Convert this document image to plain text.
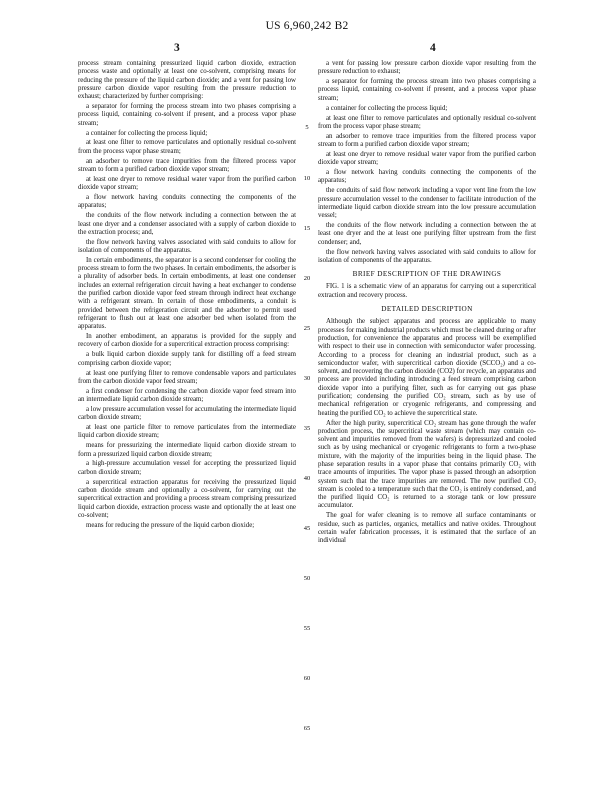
US 6,960,242 B2
3	4

process stream containing pressurized liquid carbon dioxide, extraction process waste and optionally at least one co-solvent, comprising means for reducing the pressure of the liquid carbon dioxide; and a vent for passing low pressure carbon dioxide vapor resulting from the pressure reduction to exhaust; characterized by further comprising:

a separator for forming the process stream into two phases comprising a process liquid, containing co-solvent if present, and a process vapor phase stream;

a container for collecting the process liquid;

at least one filter to remove particulates and optionally residual co-solvent from the process vapor phase stream;

an adsorber to remove trace impurities from the filtered process vapor stream to form a purified carbon dioxide vapor stream;

at least one dryer to remove residual water vapor from the purified carbon dioxide vapor stream;

a flow network having conduits connecting the components of the apparatus;

the conduits of the flow network including a connection between the at least one dryer and a condenser associated with a supply of carbon dioxide to the extraction process; and,

the flow network having valves associated with said conduits to allow for isolation of components of the apparatus.

In certain embodiments, the separator is a second condenser for cooling the process stream to form the two phases. In certain embodiments, the adsorber is a plurality of adsorber beds. In certain embodiments, at least one condenser includes an external refrigeration circuit having a heat exchanger to condense the purified carbon dioxide vapor feed stream through indirect heat exchange with a refrigerant stream. In certain of those embodiments, a conduit is provided between the refrigeration circuit and the adsorber to permit used refrigerant to flush out at least one adsorber bed when isolated from the apparatus.

In another embodiment, an apparatus is provided for the supply and recovery of carbon dioxide for a supercritical extraction process comprising:

a bulk liquid carbon dioxide supply tank for distilling off a feed stream comprising carbon dioxide vapor;

at least one purifying filter to remove condensable vapors and particulates from the carbon dioxide vapor feed stream;

a first condenser for condensing the carbon dioxide vapor feed stream into an intermediate liquid carbon dioxide stream;

a low pressure accumulation vessel for accumulating the intermediate liquid carbon dioxide stream;

at least one particle filter to remove particulates from the intermediate liquid carbon dioxide stream;

means for pressurizing the intermediate liquid carbon dioxide stream to form a pressurized liquid carbon dioxide stream;

a high-pressure accumulation vessel for accepting the pressurized liquid carbon dioxide stream;

a supercritical extraction apparatus for receiving the pressurized liquid carbon dioxide stream and optionally a co-solvent, for carrying out the supercritical extraction and providing a process stream comprising pressurized liquid carbon dioxide, extraction process waste and optionally the at least one co-solvent;

means for reducing the pressure of the liquid carbon dioxide;

a vent for passing low pressure carbon dioxide vapor resulting from the pressure reduction to exhaust;

a separator for forming the process stream into two phases comprising a process liquid, containing co-solvent if present, and a process vapor phase stream;

a container for collecting the process liquid;

at least one filter to remove particulates and optionally residual co-solvent from the process vapor phase stream;

an adsorber to remove trace impurities from the filtered process vapor stream to form a purified carbon dioxide vapor stream;

at least one dryer to remove residual water vapor from the purified carbon dioxide vapor stream;

a flow network having conduits connecting the components of the apparatus;

the conduits of said flow network including a vapor vent line from the low pressure accumulation vessel to the condenser to facilitate introduction of the intermediate liquid carbon dioxide stream into the low pressure accumulation vessel;

the conduits of the flow network including a connection between the at least one dryer and the at least one purifying filter upstream from the first condenser; and,

the flow network having valves associated with said conduits to allow for isolation of components of the apparatus.

BRIEF DESCRIPTION OF THE DRAWINGS

FIG. 1 is a schematic view of an apparatus for carrying out a supercritical extraction and recovery process.

DETAILED DESCRIPTION

Although the subject apparatus and process are applicable to many processes for making industrial products which must be cleaned during or after production, for convenience the apparatus and process will be exemplified with respect to their use in connection with semiconductor wafer processing. According to a process for cleaning an industrial product, such as a semiconductor wafer, with supercritical carbon dioxide (SCCO₂) and a co-solvent, and recovering the carbon dioxide (CO2) for recycle, an apparatus and process are provided including introducing a feed stream comprising carbon dioxide vapor into a purifying filter, such as for carrying out gas phase purification; condensing the purified CO₂ stream, such as by use of mechanical refrigeration or cryogenic refrigerants, and compressing and heating the purified CO₂ to achieve the supercritical state.

After the high purity, supercritical CO₂ stream has gone through the wafer production process, the supercritical waste stream (which may contain co-solvent and impurities removed from the wafers) is depressurized and cooled such as by using mechanical or cryogenic refrigerants to form a two-phase mixture, with the majority of the impurities being in the liquid phase. The phase separation results in a vapor phase that contains primarily CO₂ with trace amounts of impurities. The vapor phase is passed through an adsorption system such that the trace impurities are removed. The now purified CO₂ stream is cooled to a temperature such that the CO₂ is entirely condensed, and the purified liquid CO₂ is returned to a storage tank or low pressure accumulator.

The goal for wafer cleaning is to remove all surface contaminants or residue, such as particles, organics, metallics and native oxides. Throughout certain wafer fabrication processes, it is estimated that the surface of an individual

5
10
15
20
25
30
35
40
45
50
55
60
65
